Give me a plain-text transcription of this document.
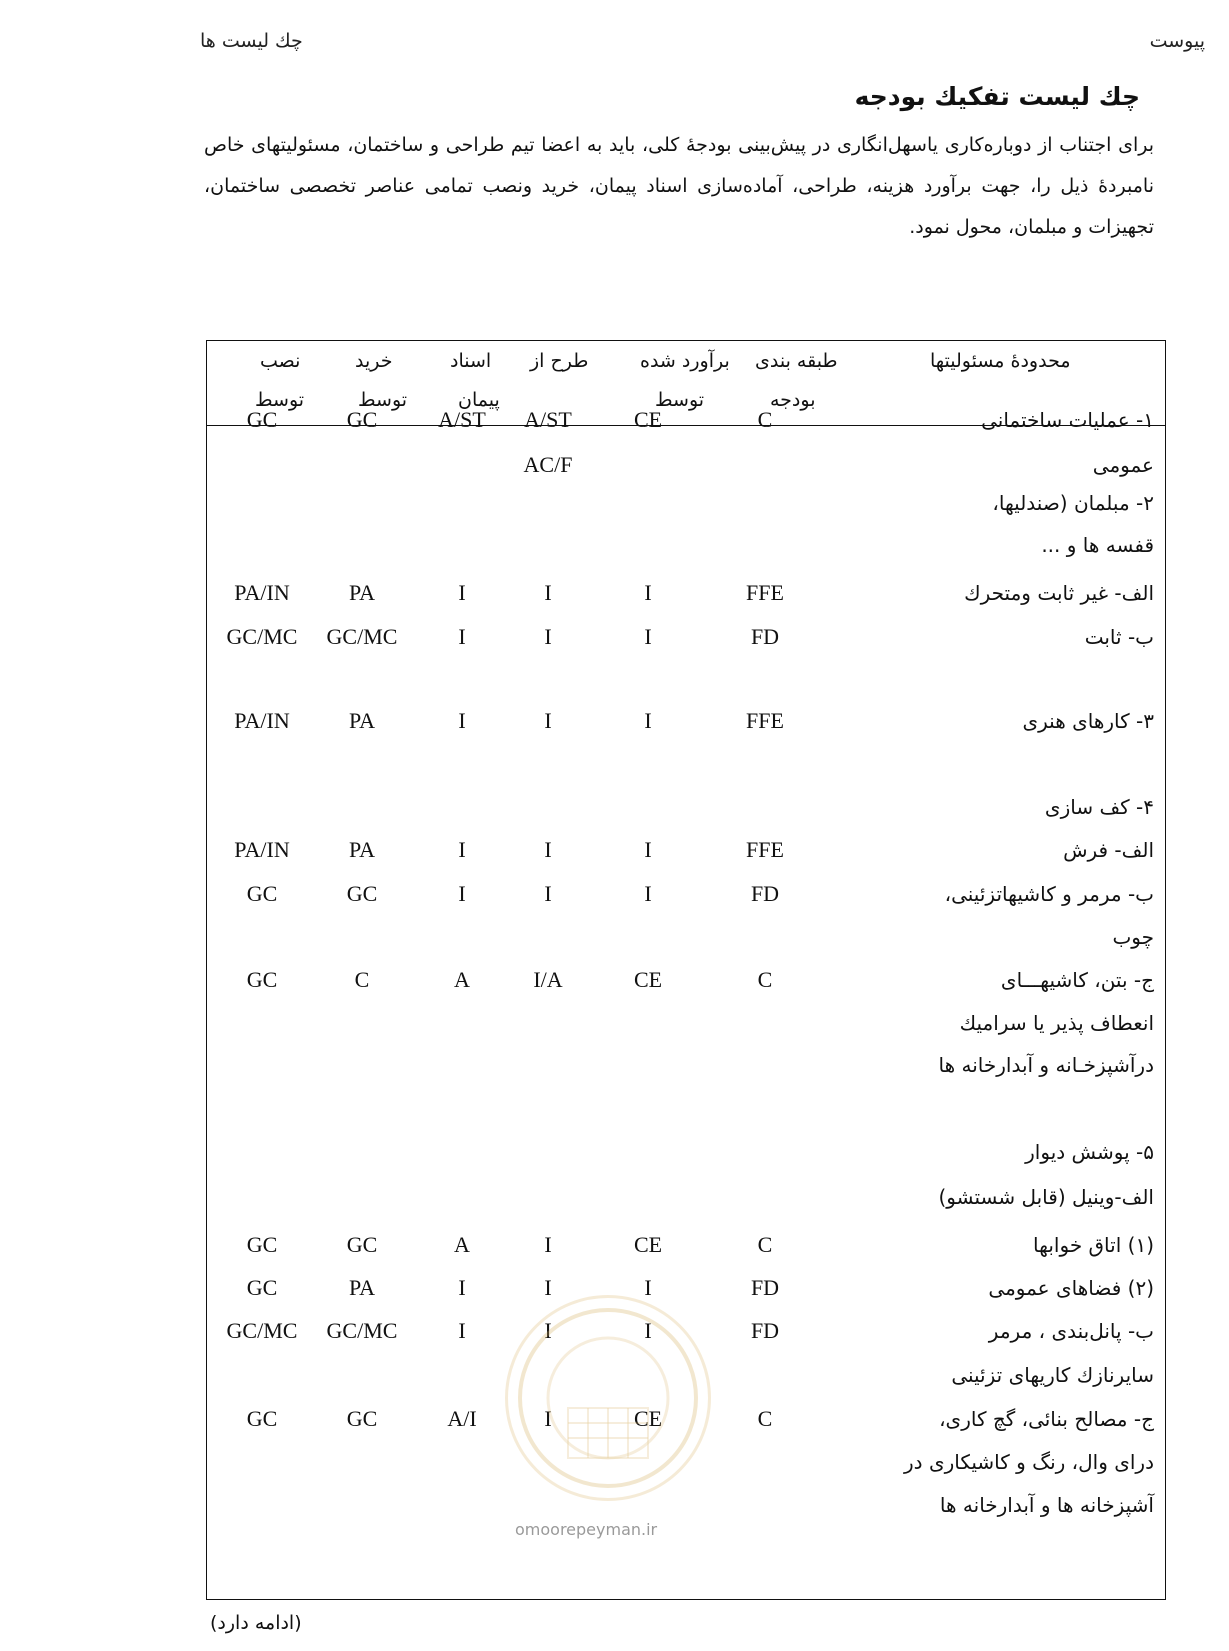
پیوست
چك لیست ها
چك لیست تفكیك بودجه
برای اجتناب از دوباره‌کاری یاسهل‌انگاری در پیش‌بینی بودجهٔ کلی، باید به اعضا تیم طراحی و ساختمان، مسئولیتهای خاص نامبردهٔ ذیل را، جهت برآورد هزینه، طراحی، آماده‌سازی اسناد پیمان، خرید ونصب تمامی عناصر تخصصی ساختمان، تجهیزات و مبلمان، محول نمود.
محدودهٔ مسئولیتها
طبقه بندی
بودجه
برآورد شده
توسط
طرح از
اسناد
پیمان
خرید
توسط
نصب
توسط
۱- عملیات ساختمانی
C
CE
A/ST
A/ST
GC
GC
عمومی
AC/F
۲- مبلمان (صندلیها،
قفسه ها و ...
الف- غیر ثابت ومتحرك
FFE
I
I
I
PA
PA/IN
ب- ثابت
FD
I
I
I
GC/MC
GC/MC
۳- کارهای هنری
FFE
I
I
I
PA
PA/IN
۴- کف سازی
الف- فرش
FFE
I
I
I
PA
PA/IN
ب- مرمر و کاشیهاتزئینی،
FD
I
I
I
GC
GC
چوب
ج- بتن، کاشیهـــای
C
CE
I/A
A
C
GC
انعطاف پذیر یا سرامیك
درآشپزخـانه و آبدارخانه ها
۵- پوشش دیوار
الف-وینیل (قابل شستشو)
(۱) اتاق خوابها
C
CE
I
A
GC
GC
(۲) فضاهای عمومی
FD
I
I
I
PA
GC
ب- پانل‌بندی ، مرمر
FD
I
I
I
GC/MC
GC/MC
سایرنازك کاریهای تزئینی
ج- مصالح بنائی، گچ کاری،
C
CE
I
A/I
GC
GC
درای وال، رنگ و کاشیکاری در
آشپزخانه ها و آبدارخانه ها
omoorepeyman.ir
(ادامه دارد)
